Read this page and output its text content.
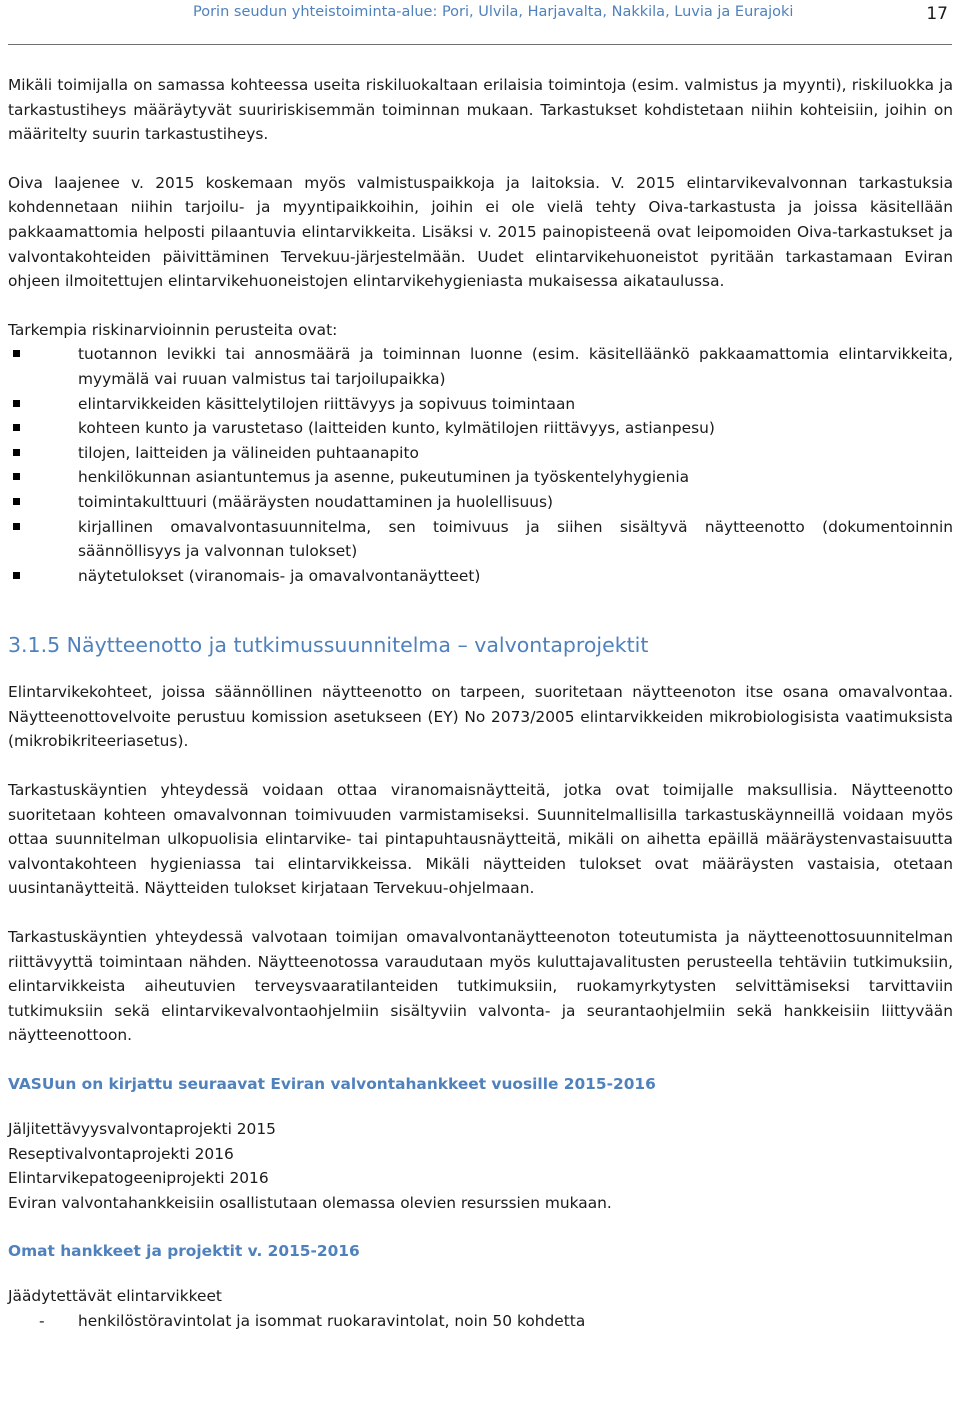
Porin seudun yhteistoiminta-alue: Pori, Ulvila, Harjavalta, Nakkila, Luvia ja Eurajoki	17

Mikäli toimijalla on samassa kohteessa useita riskiluokaltaan erilaisia toimintoja (esim. valmistus ja myynti), riskiluokka ja tarkastustiheys määräytyvät suuririskisemmän toiminnan mukaan. Tarkastukset kohdistetaan niihin kohteisiin, joihin on määritelty suurin tarkastustiheys.

Oiva laajenee v. 2015 koskemaan myös valmistuspaikkoja ja laitoksia. V. 2015 elintarvikevalvonnan tarkastuksia kohdennetaan niihin tarjoilu- ja myyntipaikkoihin, joihin ei ole vielä tehty Oiva-tarkastusta ja joissa käsitellään pakkaamattomia helposti pilaantuvia elintarvikkeita. Lisäksi v. 2015 painopisteenä ovat leipomoiden Oiva-tarkastukset ja valvontakohteiden päivittäminen Tervekuu-järjestelmään. Uudet elintarvikehuoneistot pyritään tarkastamaan Eviran ohjeen ilmoitettujen elintarvikehuoneistojen elintarvikehygieniasta mukaisessa aikataulussa.

Tarkempia riskinarvioinnin perusteita ovat:

tuotannon levikki tai annosmäärä ja toiminnan luonne (esim. käsitelläänkö pakkaamattomia elintarvikkeita, myymälä vai ruuan valmistus tai tarjoilupaikka)
elintarvikkeiden käsittelytilojen riittävyys ja sopivuus toimintaan
kohteen kunto ja varustetaso (laitteiden kunto, kylmätilojen riittävyys, astianpesu)
tilojen, laitteiden ja välineiden puhtaanapito
henkilökunnan asiantuntemus ja asenne, pukeutuminen ja työskentelyhygienia
toimintakulttuuri (määräysten noudattaminen ja huolellisuus)
kirjallinen omavalvontasuunnitelma, sen toimivuus ja siihen sisältyvä näytteenotto (dokumentoinnin säännöllisyys ja valvonnan tulokset)
näytetulokset (viranomais- ja omavalvontanäytteet)
3.1.5 Näytteenotto ja tutkimussuunnitelma – valvontaprojektit

Elintarvikekohteet, joissa säännöllinen näytteenotto on tarpeen, suoritetaan näytteenoton itse osana omavalvontaa. Näytteenottovelvoite perustuu komission asetukseen (EY) No 2073/2005 elintarvikkeiden mikrobiologisista vaatimuksista (mikrobikriteeriasetus).

Tarkastuskäyntien yhteydessä voidaan ottaa viranomaisnäytteitä, jotka ovat toimijalle maksullisia. Näytteenotto suoritetaan kohteen omavalvonnan toimivuuden varmistamiseksi. Suunnitelmallisilla tarkastuskäynneillä voidaan myös ottaa suunnitelman ulkopuolisia elintarvike- tai pintapuhtausnäytteitä, mikäli on aihetta epäillä määräystenvastaisuutta valvontakohteen hygieniassa tai elintarvikkeissa. Mikäli näytteiden tulokset ovat määräysten vastaisia, otetaan uusintanäytteitä. Näytteiden tulokset kirjataan Tervekuu-ohjelmaan.

Tarkastuskäyntien yhteydessä valvotaan toimijan omavalvontanäytteenoton toteutumista ja näytteenottosuunnitelman riittävyyttä toimintaan nähden. Näytteenotossa varaudutaan myös kuluttajavalitusten perusteella tehtäviin tutkimuksiin, elintarvikkeista aiheutuvien terveysvaaratilanteiden tutkimuksiin, ruokamyrkytysten selvittämiseksi tarvittaviin tutkimuksiin sekä elintarvikevalvontaohjelmiin sisältyviin valvonta- ja seurantaohjelmiin sekä hankkeisiin liittyvään näytteenottoon.

VASUun on kirjattu seuraavat Eviran valvontahankkeet vuosille 2015-2016

Jäljitettävyysvalvontaprojekti 2015

Reseptivalvontaprojekti 2016

Elintarvikepatogeeniprojekti 2016

Eviran valvontahankkeisiin osallistutaan olemassa olevien resurssien mukaan.

Omat hankkeet ja projektit v. 2015-2016

Jäädytettävät elintarvikkeet

- henkilöstöravintolat ja isommat ruokaravintolat, noin 50 kohdetta
